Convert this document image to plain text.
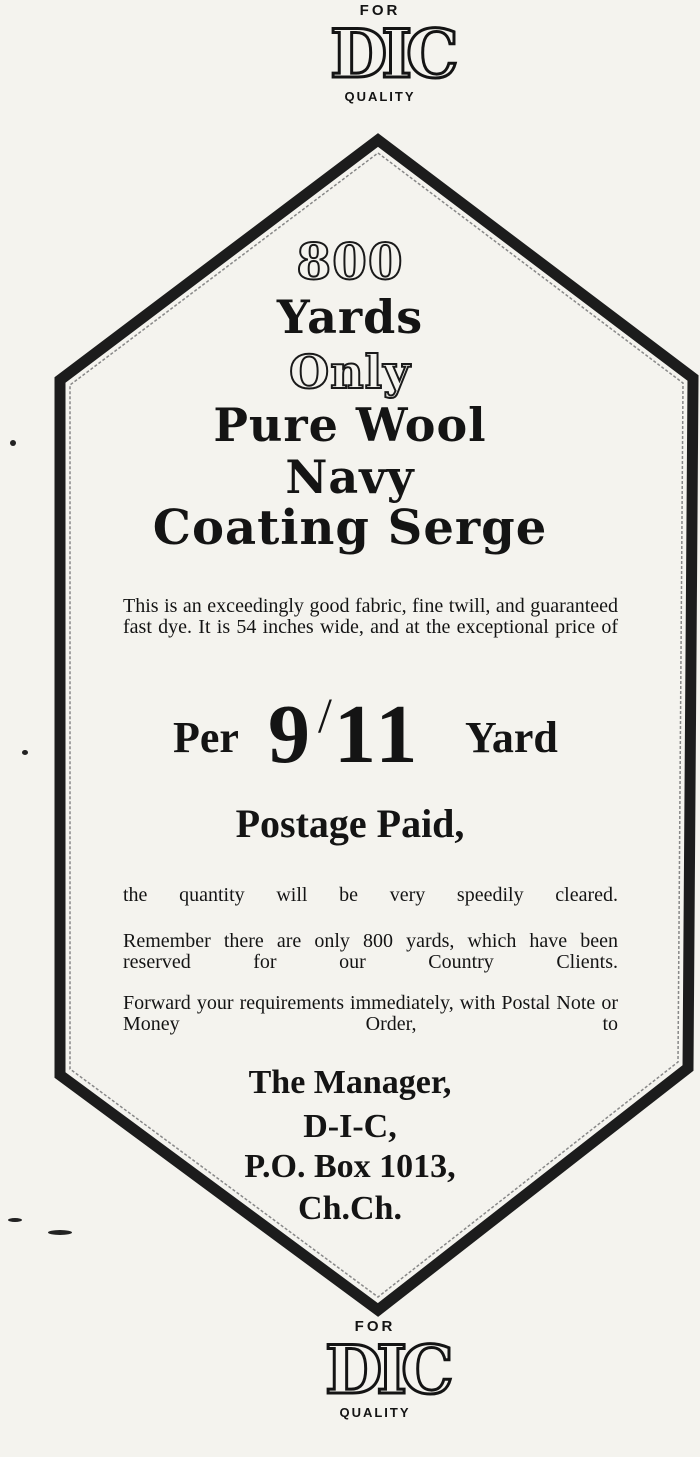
FOR
DIC
QUALITY

800

Yards

Only

Pure Wool

Navy

Coating Serge

This is an exceedingly good fabric, fine twill, and guaranteed fast dye. It is 54 inches wide, and at the exceptional price of

Per 9 / 11 Yard

Postage Paid,

the quantity will be very speedily cleared.

Remember there are only 800 yards, which have been reserved for our Country Clients.

Forward your requirements immediately, with Postal Note or Money Order, to

The Manager,

D-I-C,

P.O. Box 1013,

Ch.Ch.

FOR
DIC
QUALITY
